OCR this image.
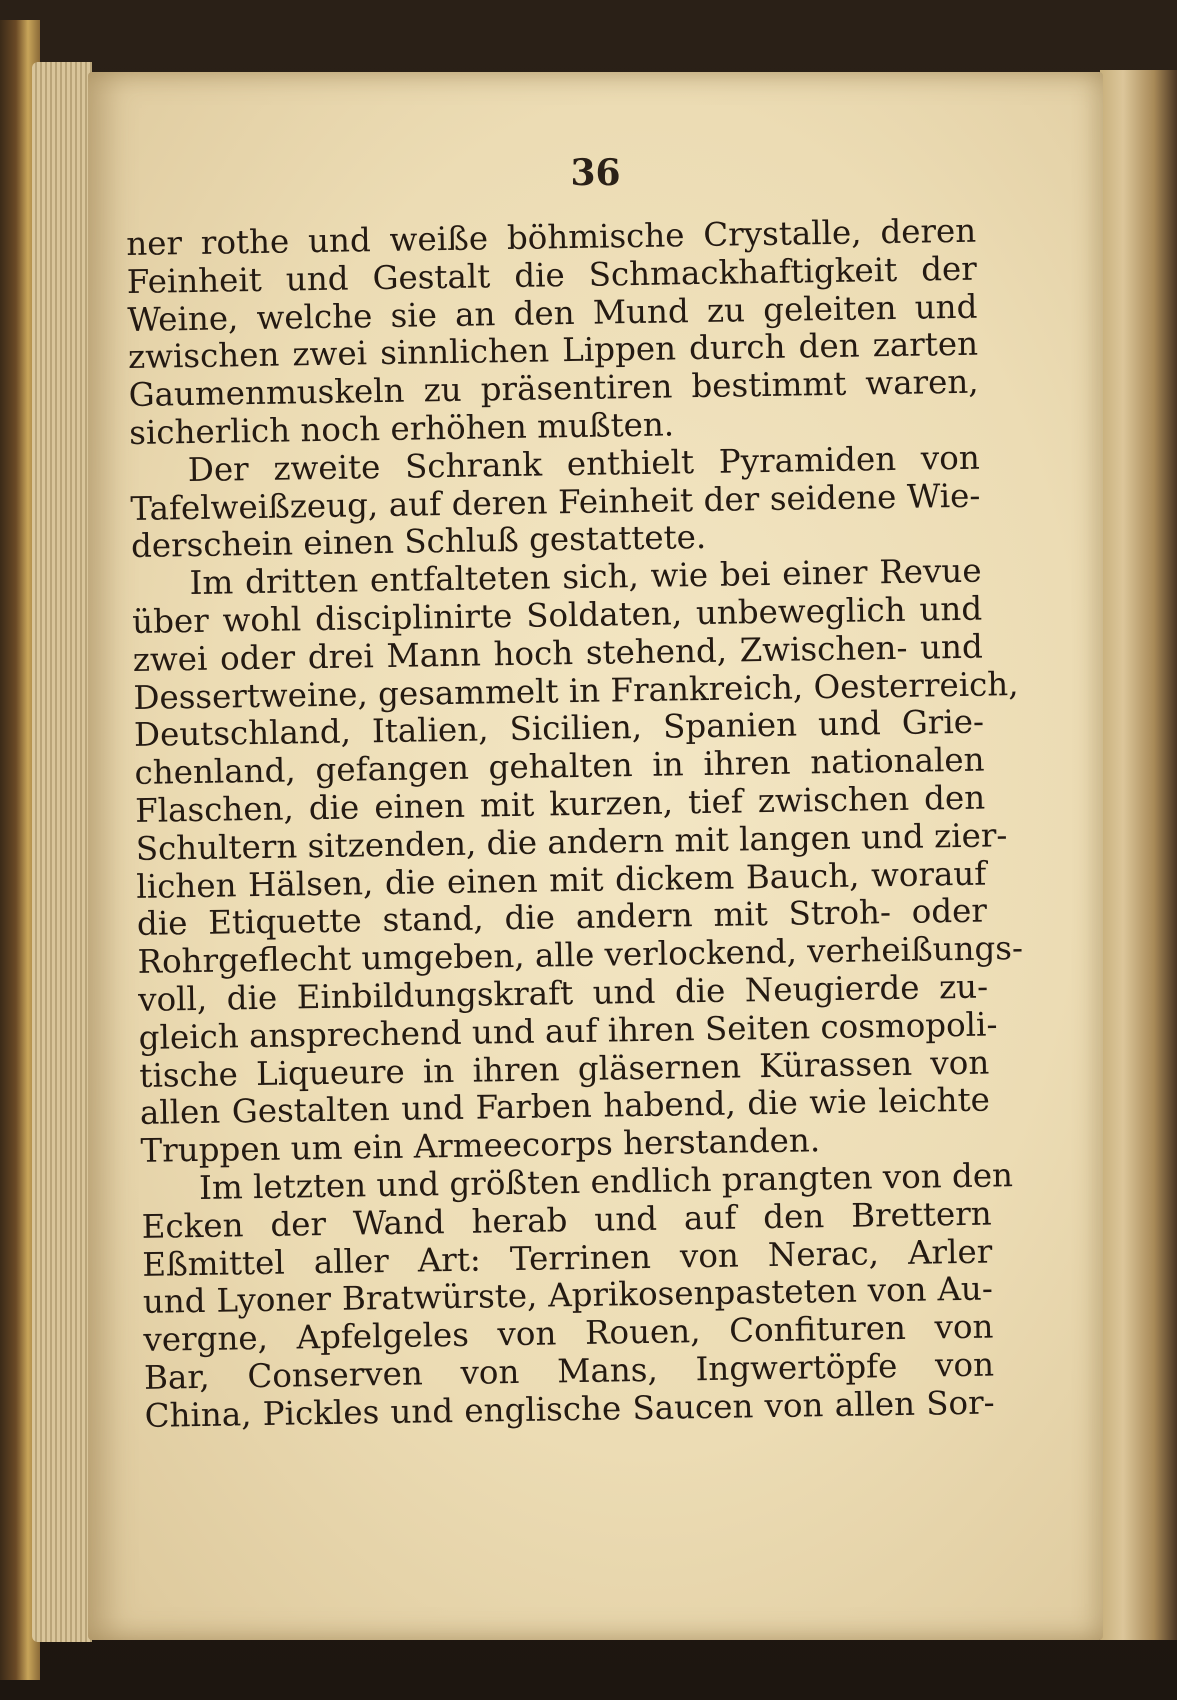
36
ner rothe und weiße böhmische Crystalle, deren
Feinheit und Gestalt die Schmackhaftigkeit der
Weine, welche sie an den Mund zu geleiten und
zwischen zwei sinnlichen Lippen durch den zarten
Gaumenmuskeln zu präsentiren bestimmt waren,
sicherlich noch erhöhen mußten.
Der zweite Schrank enthielt Pyramiden von
Tafelweißzeug, auf deren Feinheit der seidene Wie-
derschein einen Schluß gestattete.
Im dritten entfalteten sich, wie bei einer Revue
über wohl disciplinirte Soldaten, unbeweglich und
zwei oder drei Mann hoch stehend, Zwischen- und
Dessertweine, gesammelt in Frankreich, Oesterreich,
Deutschland, Italien, Sicilien, Spanien und Grie-
chenland, gefangen gehalten in ihren nationalen
Flaschen, die einen mit kurzen, tief zwischen den
Schultern sitzenden, die andern mit langen und zier-
lichen Hälsen, die einen mit dickem Bauch, worauf
die Etiquette stand, die andern mit Stroh- oder
Rohrgeflecht umgeben, alle verlockend, verheißungs-
voll, die Einbildungskraft und die Neugierde zu-
gleich ansprechend und auf ihren Seiten cosmopoli-
tische Liqueure in ihren gläsernen Kürassen von
allen Gestalten und Farben habend, die wie leichte
Truppen um ein Armeecorps herstanden.
Im letzten und größten endlich prangten von den
Ecken der Wand herab und auf den Brettern
Eßmittel aller Art: Terrinen von Nerac, Arler
und Lyoner Bratwürste, Aprikosenpasteten von Au-
vergne, Apfelgeles von Rouen, Confituren von
Bar, Conserven von Mans, Ingwertöpfe von
China, Pickles und englische Saucen von allen Sor-
